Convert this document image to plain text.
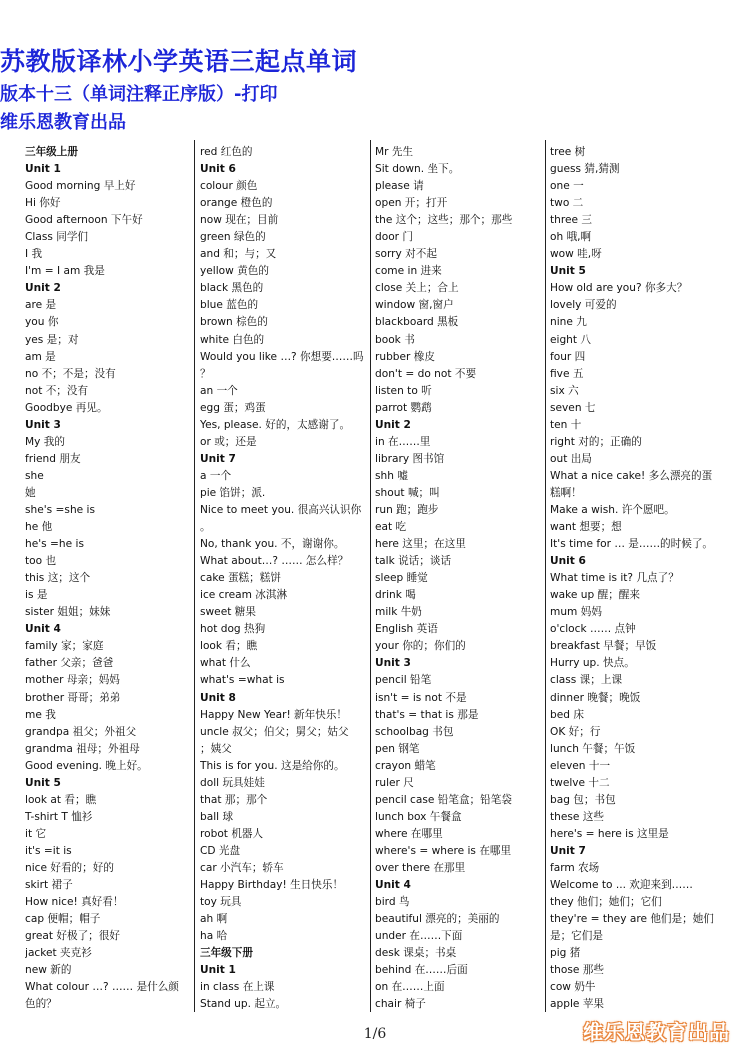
苏教版译林小学英语三起点单词
版本十三（单词注释正序版）-打印
维乐恩教育出品
三年级上册
Unit 1
Good morning 早上好
Hi 你好
Good afternoon 下午好
Class 同学们
I 我
I'm = I am 我是
Unit 2
are 是
you 你
yes 是；对
am 是
no 不；不是；没有
not 不；没有
Goodbye 再见。
Unit 3
My 我的
friend 朋友
she
她
she's =she is
he 他
he's =he is
too 也
this 这；这个
is 是
sister 姐姐；妹妹
Unit 4
family 家；家庭
father 父亲；爸爸
mother 母亲；妈妈
brother 哥哥；弟弟
me 我
grandpa 祖父；外祖父
grandma 祖母；外祖母
Good evening. 晚上好。
Unit 5
look at 看；瞧
T-shirt T 恤衫
it 它
it's =it is
nice 好看的；好的
skirt 裙子
How nice! 真好看！
cap 便帽；帽子
great 好极了；很好
jacket 夹克衫
new 新的
What colour …? …… 是什么颜
色的？
red 红色的
Unit 6
colour 颜色
orange 橙色的
now 现在；目前
green 绿色的
and 和；与；又
yellow 黄色的
black 黑色的
blue 蓝色的
brown 棕色的
white 白色的
Would you like …? 你想要……吗
？
an 一个
egg 蛋；鸡蛋
Yes, please. 好的，太感谢了。
or 或；还是
Unit 7
a 一个
pie 馅饼；派.
Nice to meet you. 很高兴认识你
。
No, thank you. 不，谢谢你。
What about…? …… 怎么样？
cake 蛋糕；糕饼
ice cream 冰淇淋
sweet 糖果
hot dog 热狗
look 看；瞧
what 什么
what's =what is
Unit 8
Happy New Year! 新年快乐！
uncle 叔父；伯父；舅父；姑父
；姨父
This is for you. 这是给你的。
doll 玩具娃娃
that 那；那个
ball 球
robot 机器人
CD 光盘
car 小汽车；轿车
Happy Birthday! 生日快乐！
toy 玩具
ah 啊
ha 哈
三年级下册
Unit 1
in class 在上课
Stand up. 起立。
Mr 先生
Sit down. 坐下。
please 请
open 开；打开
the 这个；这些；那个；那些
door 门
sorry 对不起
come in 进来
close 关上；合上
window 窗,窗户
blackboard 黑板
book 书
rubber 橡皮
don't = do not 不要
listen to 听
parrot 鹦鹉
Unit 2
in 在……里
library 图书馆
shh 嘘
shout 喊；叫
run 跑；跑步
eat 吃
here 这里；在这里
talk 说话；谈话
sleep 睡觉
drink 喝
milk 牛奶
English 英语
your 你的；你们的
Unit 3
pencil 铅笔
isn't = is not 不是
that's = that is 那是
schoolbag 书包
pen 钢笔
crayon 蜡笔
ruler 尺
pencil case 铅笔盒；铅笔袋
lunch box 午餐盒
where 在哪里
where's = where is 在哪里
over there 在那里
Unit 4
bird 鸟
beautiful 漂亮的；美丽的
under 在……下面
desk 课桌；书桌
behind 在……后面
on 在……上面
chair 椅子
tree 树
guess 猜,猜测
one 一
two 二
three 三
oh 哦,啊
wow 哇,呀
Unit 5
How old are you? 你多大？
lovely 可爱的
nine 九
eight 八
four 四
five 五
six 六
seven 七
ten 十
right 对的；正确的
out 出局
What a nice cake! 多么漂亮的蛋
糕啊！
Make a wish. 许个愿吧。
want 想要；想
It's time for … 是……的时候了。
Unit 6
What time is it? 几点了？
wake up 醒；醒来
mum 妈妈
o'clock …… 点钟
breakfast 早餐；早饭
Hurry up. 快点。
class 课；上课
dinner 晚餐；晚饭
bed 床
OK 好；行
lunch 午餐；午饭
eleven 十一
twelve 十二
bag 包；书包
these 这些
here's = here is 这里是
Unit 7
farm 农场
Welcome to ... 欢迎来到……
they 他们；她们；它们
they're = they are 他们是；她们
是；它们是
pig 猪
those 那些
cow 奶牛
apple 苹果
1/6	维乐恩教育出品
